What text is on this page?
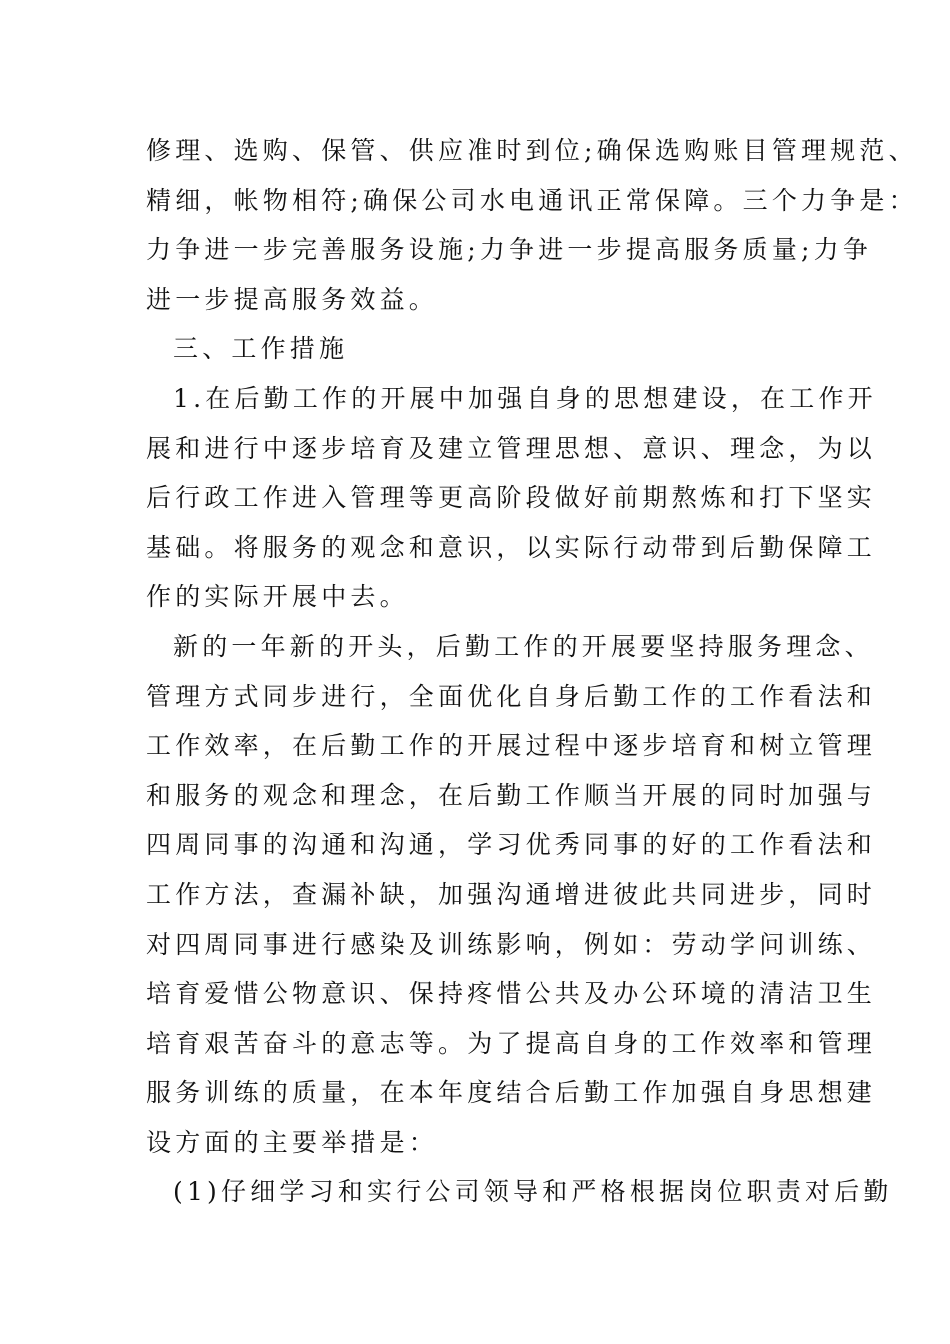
修理、选购、保管、供应准时到位;确保选购账目管理规范、
精细，帐物相符;确保公司水电通讯正常保障。三个力争是：
力争进一步完善服务设施;力争进一步提高服务质量;力争
进一步提高服务效益。
三、工作措施
1.在后勤工作的开展中加强自身的思想建设，在工作开
展和进行中逐步培育及建立管理思想、意识、理念，为以
后行政工作进入管理等更高阶段做好前期熬炼和打下坚实
基础。将服务的观念和意识，以实际行动带到后勤保障工
作的实际开展中去。
新的一年新的开头，后勤工作的开展要坚持服务理念、
管理方式同步进行，全面优化自身后勤工作的工作看法和
工作效率，在后勤工作的开展过程中逐步培育和树立管理
和服务的观念和理念，在后勤工作顺当开展的同时加强与
四周同事的沟通和沟通，学习优秀同事的好的工作看法和
工作方法，查漏补缺，加强沟通增进彼此共同进步，同时
对四周同事进行感染及训练影响，例如：劳动学问训练、
培育爱惜公物意识、保持疼惜公共及办公环境的清洁卫生
培育艰苦奋斗的意志等。为了提高自身的工作效率和管理
服务训练的质量，在本年度结合后勤工作加强自身思想建
设方面的主要举措是：
(1)仔细学习和实行公司领导和严格根据岗位职责对后勤
